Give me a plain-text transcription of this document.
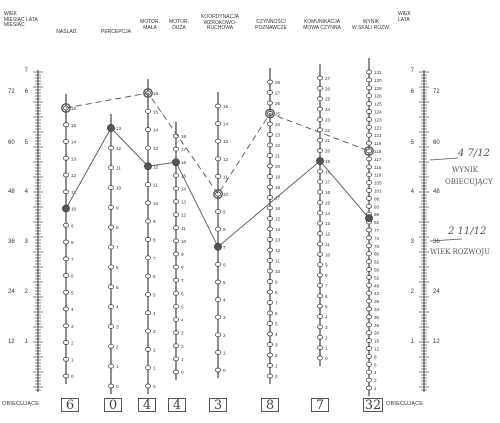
WIEK
MIESIĄC LATA
MIESIĄC
WIEK
LATA
NAŚLAD.	PERCEPCJA
MOTOR.
MAŁA
MOTOR.
DUŻA
KOORDYNACJA
WZROKOWO-
RUCHOWA
CZYNNOŚCI
POZNAWCZE
KOMUNIKACJA
MOWA CZYNNA
WYNIK
W SKALI ROZW.
7
6
5
4
3
2
1
72
60
48
36
24
12
7
6
5
4
3
2
1
72
60
48
36
24
12
16
15
14
13
12
11
10
9
8
7
6
5
4
3
2
1
0
13
12
11
10
9
8
7
6
5
4
3
2
1
0
16
15
14
13
12
11
10
9
8
7
6
5
4
3
2
1
0
18
17
16
15
14
13
12
11
10
9
8
7
6
5
4
3
2
1
0
15
14
13
12
11
10
9
8
7
6
5
4
3
2
1
0
28
27
26
25
24
23
22
21
20
19
18
17
16
15
14
13
12
11
10
9
8
7
6
5
4
3
2
1
0
27
26
25
24
23
22
21
20
19
18
17
16
15
14
13
12
11
10
9
8
7
6
5
4
3
2
1
0
131
130
128
126
125
124
123
122
121
119
118
117
115
110
105
101
98
93
88
82
77
74
70
66
62
58
52
48
42
38
34
30
26
20
15
12
8
6
4
2
1
4 7/12
WYNIK
OBIECUJĄCY
2 11/12
WIEK ROZWOJU
OBIECUJĄCE	OBIECUJĄCE
6	0 4 4	3	8	7	32
